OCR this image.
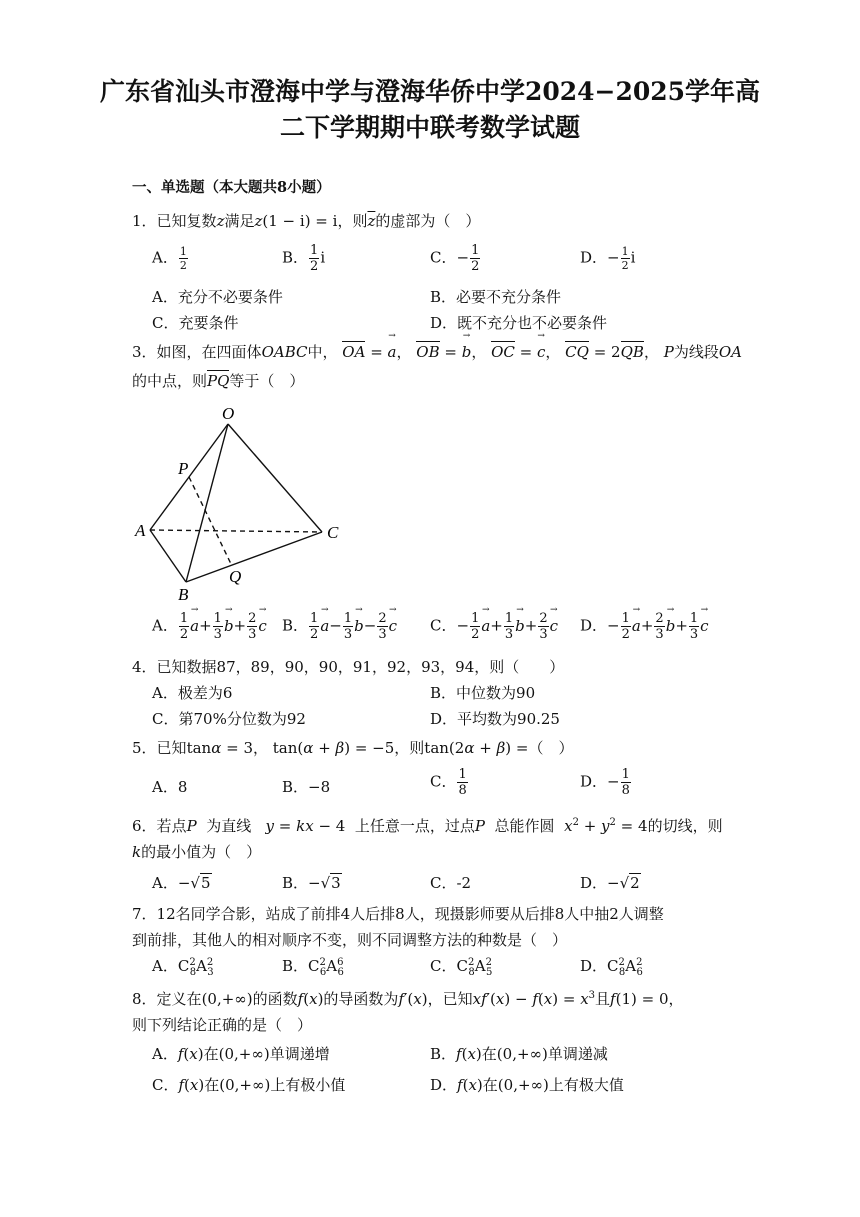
广东省汕头市澄海中学与澄海华侨中学2024−2025学年高
二下学期期中联考数学试题
一、单选题（本大题共8小题）
1．已知复数z满足z(1 − i) = i，则$\overline{z}$的虚部为（　）
A． $\frac{1}{2}$	B． $\frac{1}{2}$ i	C．− $\frac{1}{2}$	D．− $\frac{1}{2}$ i
A．充分不必要条件	B．必要不充分条件
C．充要条件	D．既不充分也不必要条件
3．如图，在四面体OABC中， OA = a →， OB = b →， OC = c →， CQ = 2QB， P为线段OA
的中点，则PQ等于（　）
O
P
A	C
B
Q
A． $\frac{1}{2}$ $a \to+ \frac{1}{3}$ $b \to+ \frac{2}{3}$ c → B． $\frac{1}{2}$ $a \to- \frac{1}{3}$ $b \to- \frac{2}{3}$ c → C．− $\frac{1}{2}$ $a \to+ \frac{1}{3}$ $b \to+ \frac{2}{3}$ c → D．− $\frac{1}{2}$ $a \to+ \frac{2}{3}$ $b \to+ \frac{1}{3}$ c →
4．已知数据87，89，90，90，91，92，93，94，则（　　）
A．极差为6	B．中位数为90
C．第70%分位数为92	D．平均数为90.25
5．已知tanα = 3， tan(α + β) = −5，则tan(2α + β) =（　）
A．8	B．−8	C． $\frac{1}{8}$	D．− $\frac{1}{8}$
6．若点P 为直线 y = kx − 4  上任意一点，过点P 总能作圆 $x^2 + y^2 = 4$的切线，则
k的最小值为（　）
A．−√5	B．−√3	C．-2	D．−√2
7．12名同学合影，站成了前排4人后排8人，现摄影师要从后排8人中抽2人调整
到前排，其他人的相对顺序不变，则不同调整方法的种数是（　）
A．$C^2_8A^2_3$	B．$C^2_6A^6_6$	C．$C^2_8A^2_5$	D．$C^2_8A^2_6$
8．定义在(0,+∞)的函数f(x)的导函数为f′(x)，已知$xf'(x) - f(x) = x^3$且f(1) = 0，
则下列结论正确的是（　）
A．f(x)在(0,+∞)单调递增	B．f(x)在(0,+∞)单调递减
C．f(x)在(0,+∞)上有极小值	D．f(x)在(0,+∞)上有极大值
